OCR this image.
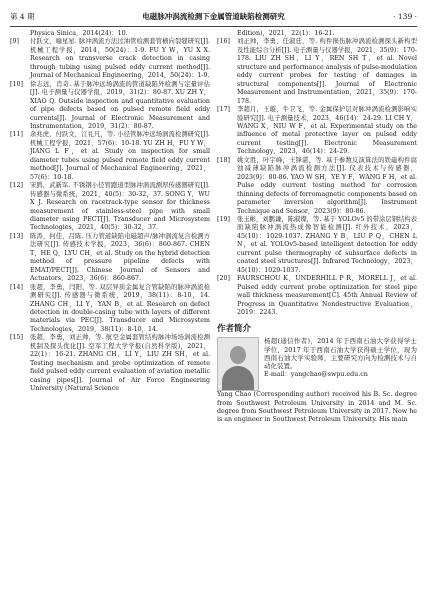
第 4 期	电磁脉冲涡流检测下金属管道缺陷检测研究	· 139 ·
Physica Sinica，2014(24)：10.
[9] 付跃文，喻星星. 脉冲涡流方法过油管检测套管横向裂缝研究[J]. 机械工程学报，2014，50(24)：1-9. FU Y W，YU X X. Research on transverse crack detection in casing through tubing using pulsed eddy current method[J]. Journal of Mechanical Engineering，2014，50(24)：1-9.
[10] 徐志远，肖奇. 基于脉冲远场涡流的管道缺陷外检测与定量评估[J]. 电子测量与仪器学报，2019，31(2)：80-87. XU ZH Y，XIAO Q. Outside inspection and quantitative evaluation of pipe defects based on pulsed remote field eddy currents[J]. Journal of Electronic Measurement and Instrumentation，2019，31(2)：80-87.
[11] 余兆虎，付跃文，江礼凡，等. 小径管脉冲远场涡流检测研究[J]. 机械工程学报，2021，57(6)：10-18. YU ZH H，FU Y W，JIANG L F，et al. Study on inspection for small diameter tubes using pulsed remote field eddy current method[J]. Journal of Mechanical Engineering，2021，57(6)：10-18.
[12] 宋鹍，武新军. 不锈钢小径管跑道型脉冲涡流测厚传感器研究[J]. 传感器与微系统，2021，40(5)：30-32，37. SONG Y，WU X J. Research on racetrack-type sensor for thickness measurement of stainless-steel pipe with small diameter using PECT[J]. Transducer and Microsystem Technologies，2021，40(5)：30-32，37.
[13] 陈涛，何佳，吕陈. 压力管道缺陷电磁超声/脉冲涡流复合检测方法研究[J]. 传感技术学报，2023，36(6)：860-867. CHEN T，HE Q，LYU CH，et al. Study on the hybrid detection method of pressure pipeline defects with EMAT/PECT[J]. Chinese Journal of Sensors and Actuators，2023，36(6)：860-867.
[14] 张超，李勇，闫阳，等. 双层异质金属复合管缺陷的脉冲涡流检测研究[J]. 传感器与微系统，2019，38(11)：8-10，14. ZHANG CH，LI Y，YAN B，et al. Research on defect detection in double-casing tube with layers of different materials via PEC[J]. Transducer and Microsystem Technologies，2019，38(11)：8-10，14.
[15] 张超，李勇，刘正帅，等. 航空金属套管结构脉冲场场涡流检测机制及探头优化[J]. 空军工程大学学报(自然科学版)，2021，22(1)：16-21. ZHANG CH，LI Y，LIU ZH SH，et al. Testing mechanism and probe optimization of remote field pulsed eddy current evaluation of aviation metallic casing pipes[J]. Journal of Air Force Engineering University (Natural Science
Edition)，2021，22(1)：16-21.
[16] 刘正帅，李勇，任淑廷，等. 构件损伤脉冲涡流检测探头新构型及性能综合分析[J]. 电子测量与仪器学报，2021，35(9)：170-178. LIU ZH SH，LI Y，REN SH T，et al. Novel structure and performance analysis of pulse-modulation eddy current probes for testing of damages in structural components[J]. Journal of Electronic Measurement and Instrumentation，2021，35(9)：170-178.
[17] 李超月，王璇，牛卫飞，等. 金属保护层对脉冲涡流检测影响实验研究[J]. 电子测量技术，2023，46(14)：24-29. LI CH Y，WANG X，NIU W F，et al. Experimental study on the influence of metal protective layer on pulsed eddy current testing[J]. Electronic Measurement Technology，2023，46(14)：24-29.
[18] 姚文胜，叶宇峰，王锋湛，等. 基于参数反演算法的铁磁构件腐蚀减薄缺陷脉冲涡流检测方法[J]. 仪表技术与传感器，2023(9)：80-86. YAO W SH，YE Y F，WANG F H，et al. Pulse eddy current testing method for corrosion thinning defects of ferromagnetic components based on parameter inversion algorithm[J]. Instrument Technique and Sensor，2023(9)：80-86.
[19] 张玉彬，刘鹏谦，陈淑璨，等. 基于 YOLOv5 的带涂层钢结构表面缺陷脉冲涡流热成像智能检测[J]. 红外技术，2023，45(10)：1029-1037. ZHANG Y B，LIU P Q，CHEN L N，et al. YOLOv5-based intelligent detection for eddy current pulse thermography of subsurface defects in coated steel structures[J]. Infrared Technology，2023，45(10)：1029-1037.
[20] FAURSCHOU K，UNDERHILL P R，MORELL J，et al. Pulsed eddy current probe optimization for steel pipe wall thickness measurement[C]. 45th Annual Review of Progress in Quantitative Nondestructive Evaluation，2019：2243.
作者简介
杨超(通信作者)，2014 年于西南石油大学获得学士学位，2017 年于西南石油大学获得硕士学位，现为西南石油大学实验师，主要研究方向为检测技术与自动化装置。
E-mail：yangchao@swpu.edu.cn
Yang Chao (Corresponding author) received his B. Sc. degree from Southwest Petroleum University in 2014 and M. Sc. degree from Southwest Petroleum University in 2017. Now he is an engineer in Southwest Petroleum University. His main
